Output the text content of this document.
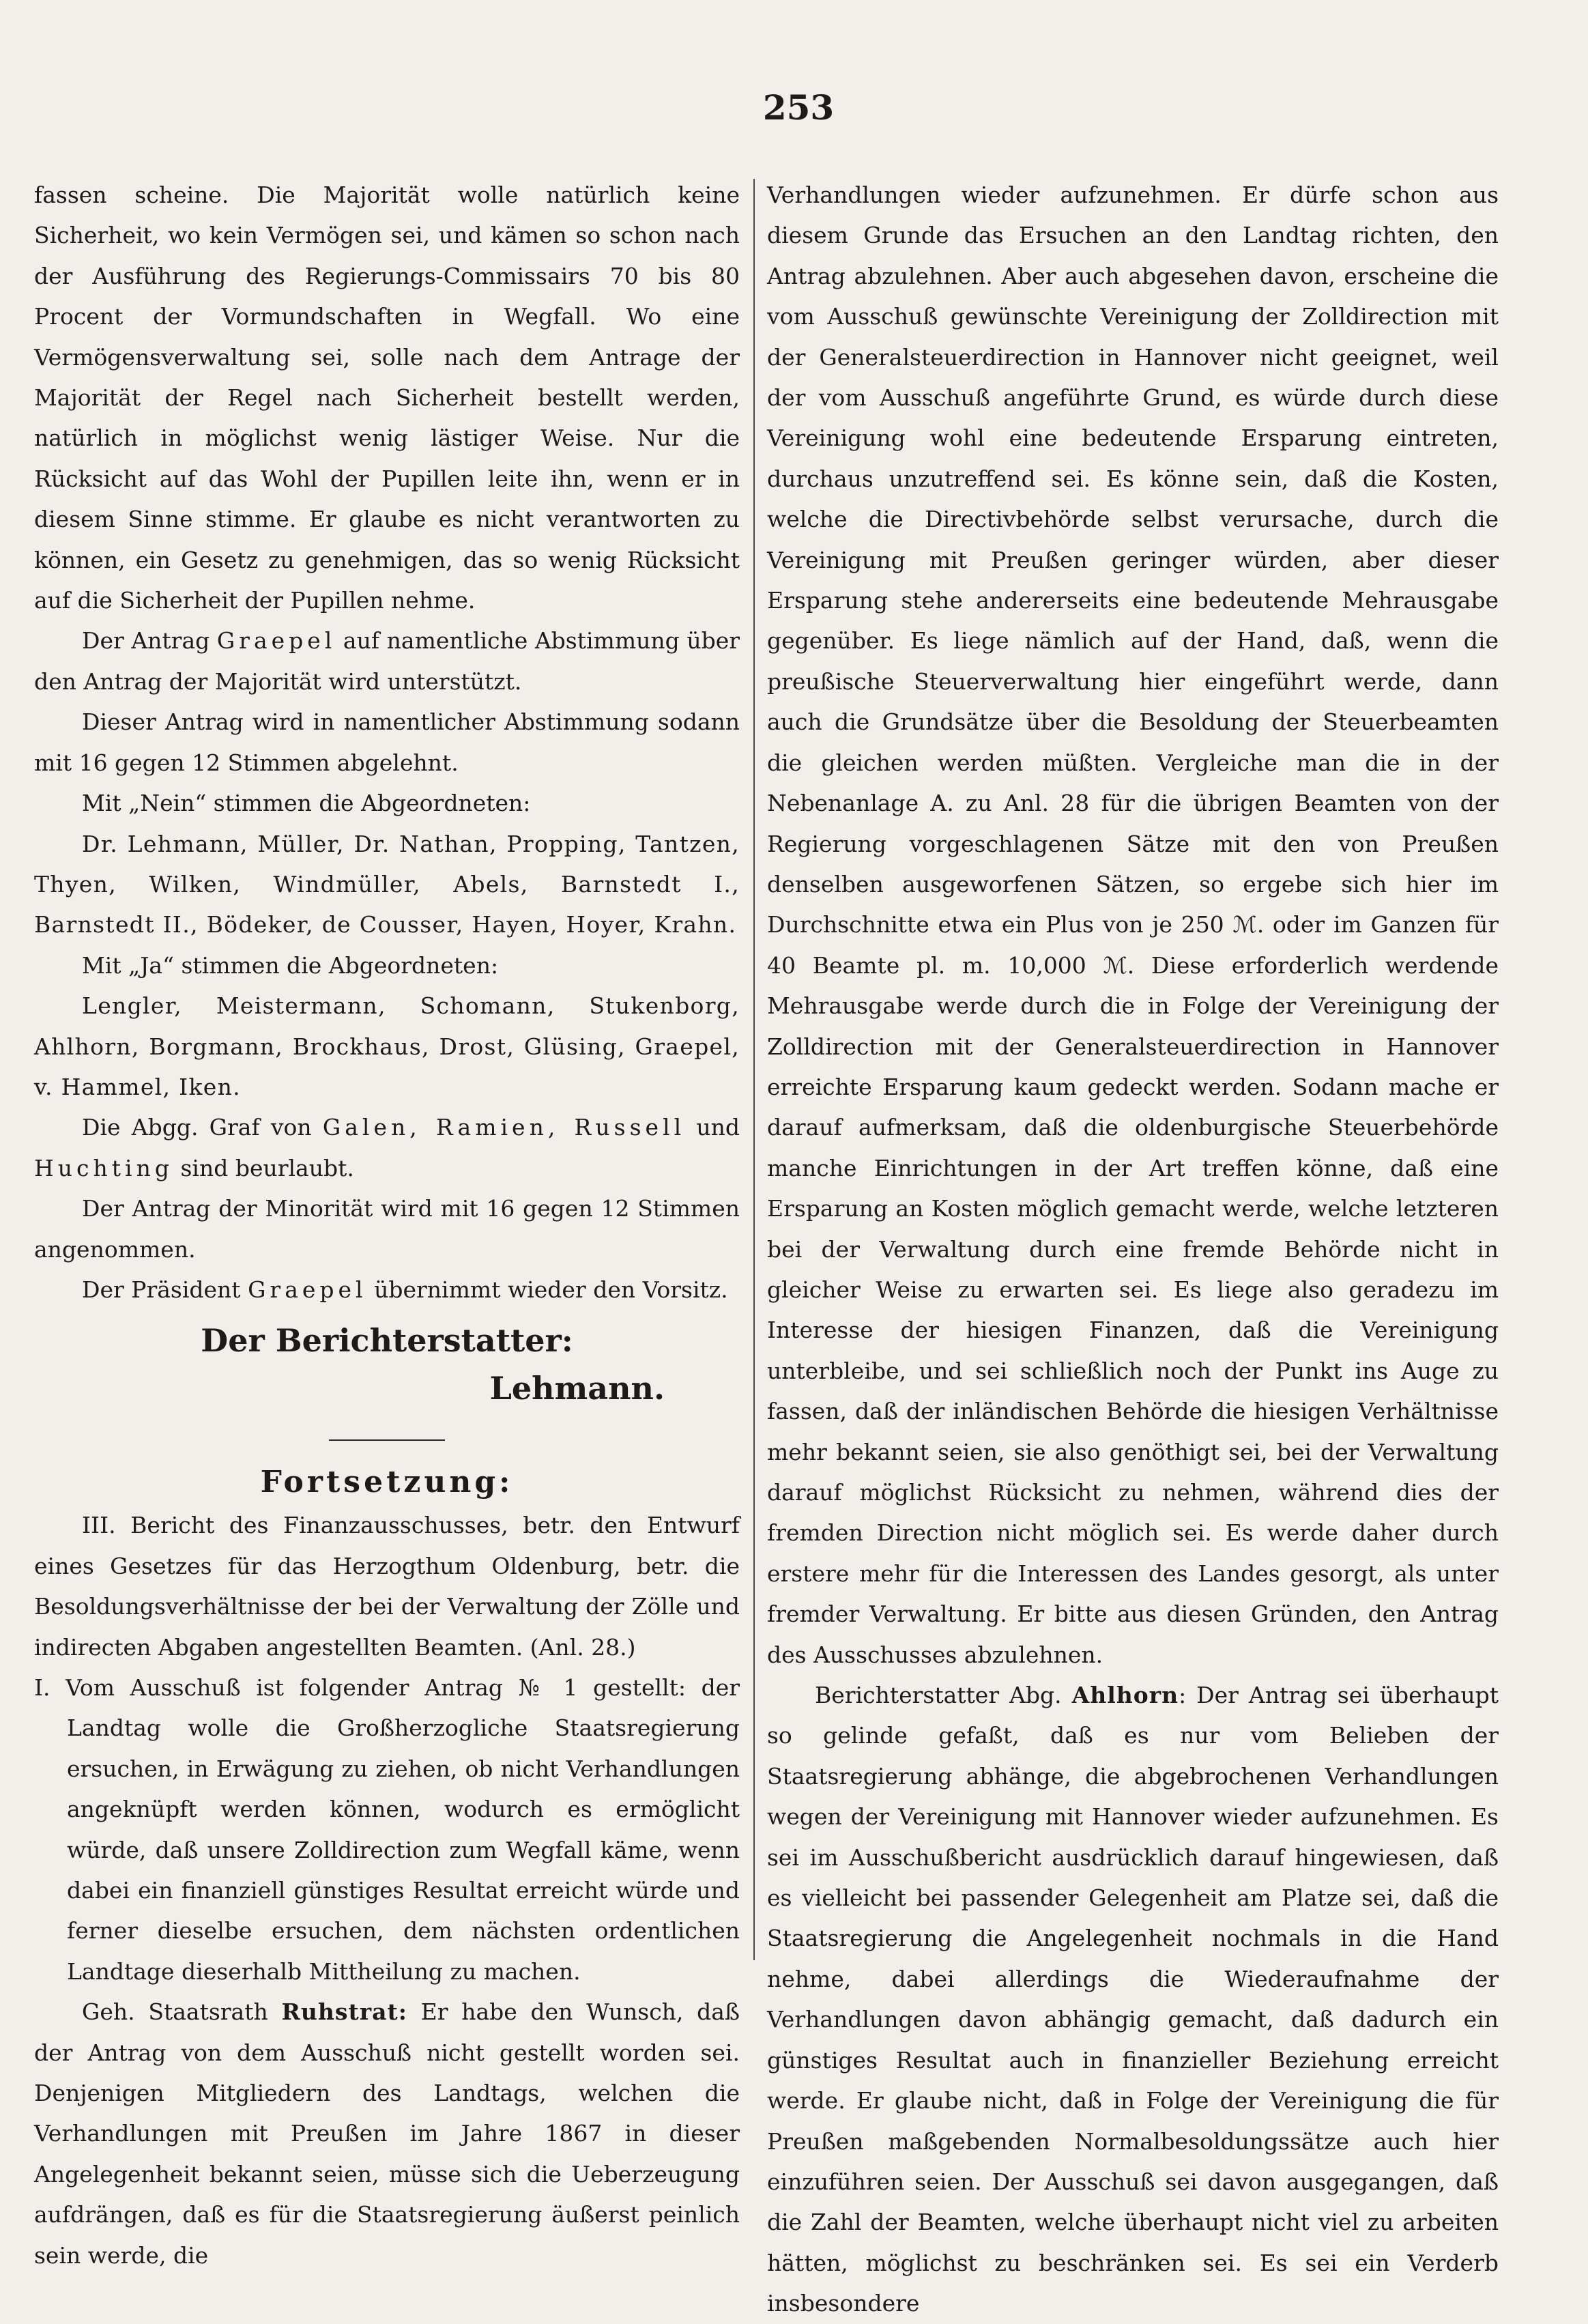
253

fassen scheine. Die Majorität wolle natürlich keine Sicherheit, wo kein Vermögen sei, und kämen so schon nach der Ausführung des Regierungs-Commissairs 70 bis 80 Procent der Vormundschaften in Wegfall. Wo eine Vermögensverwaltung sei, solle nach dem Antrage der Majorität der Regel nach Sicherheit bestellt werden, natürlich in möglichst wenig lästiger Weise. Nur die Rücksicht auf das Wohl der Pupillen leite ihn, wenn er in diesem Sinne stimme. Er glaube es nicht verantworten zu können, ein Gesetz zu genehmigen, das so wenig Rücksicht auf die Sicherheit der Pupillen nehme.

Der Antrag Graepel auf namentliche Abstimmung über den Antrag der Majorität wird unterstützt.

Dieser Antrag wird in namentlicher Abstimmung sodann mit 16 gegen 12 Stimmen abgelehnt.

Mit „Nein“ stimmen die Abgeordneten:

Dr. Lehmann, Müller, Dr. Nathan, Propping, Tantzen, Thyen, Wilken, Windmüller, Abels, Barnstedt I., Barnstedt II., Bödeker, de Cousser, Hayen, Hoyer, Krahn.

Mit „Ja“ stimmen die Abgeordneten:

Lengler, Meistermann, Schomann, Stukenborg, Ahlhorn, Borgmann, Brockhaus, Drost, Glüsing, Graepel, v. Hammel, Iken.

Die Abgg. Graf von Galen, Ramien, Russell und Huchting sind beurlaubt.

Der Antrag der Minorität wird mit 16 gegen 12 Stimmen angenommen.

Der Präsident Graepel übernimmt wieder den Vorsitz.

Der Berichterstatter:

Lehmann.

Fortsetzung:

III. Bericht des Finanzausschusses, betr. den Entwurf eines Gesetzes für das Herzogthum Oldenburg, betr. die Besoldungsverhältnisse der bei der Verwaltung der Zölle und indirecten Abgaben angestellten Beamten. (Anl. 28.)

I. Vom Ausschuß ist folgender Antrag № 1 gestellt: der Landtag wolle die Großherzogliche Staatsregierung ersuchen, in Erwägung zu ziehen, ob nicht Verhandlungen angeknüpft werden können, wodurch es ermöglicht würde, daß unsere Zolldirection zum Wegfall käme, wenn dabei ein finanziell günstiges Resultat erreicht würde und ferner dieselbe ersuchen, dem nächsten ordentlichen Landtage dieserhalb Mittheilung zu machen.

Geh. Staatsrath Ruhstrat: Er habe den Wunsch, daß der Antrag von dem Ausschuß nicht gestellt worden sei. Denjenigen Mitgliedern des Landtags, welchen die Verhandlungen mit Preußen im Jahre 1867 in dieser Angelegenheit bekannt seien, müsse sich die Ueberzeugung aufdrängen, daß es für die Staatsregierung äußerst peinlich sein werde, die

Verhandlungen wieder aufzunehmen. Er dürfe schon aus diesem Grunde das Ersuchen an den Landtag richten, den Antrag abzulehnen. Aber auch abgesehen davon, erscheine die vom Ausschuß gewünschte Vereinigung der Zolldirection mit der Generalsteuerdirection in Hannover nicht geeignet, weil der vom Ausschuß angeführte Grund, es würde durch diese Vereinigung wohl eine bedeutende Ersparung eintreten, durchaus unzutreffend sei. Es könne sein, daß die Kosten, welche die Directivbehörde selbst verursache, durch die Vereinigung mit Preußen geringer würden, aber dieser Ersparung stehe andererseits eine bedeutende Mehrausgabe gegenüber. Es liege nämlich auf der Hand, daß, wenn die preußische Steuerverwaltung hier eingeführt werde, dann auch die Grundsätze über die Besoldung der Steuerbeamten die gleichen werden müßten. Vergleiche man die in der Nebenanlage A. zu Anl. 28 für die übrigen Beamten von der Regierung vorgeschlagenen Sätze mit den von Preußen denselben ausgeworfenen Sätzen, so ergebe sich hier im Durchschnitte etwa ein Plus von je 250 ℳ. oder im Ganzen für 40 Beamte pl. m. 10,000 ℳ. Diese erforderlich werdende Mehrausgabe werde durch die in Folge der Vereinigung der Zolldirection mit der Generalsteuerdirection in Hannover erreichte Ersparung kaum gedeckt werden. Sodann mache er darauf aufmerksam, daß die oldenburgische Steuerbehörde manche Einrichtungen in der Art treffen könne, daß eine Ersparung an Kosten möglich gemacht werde, welche letzteren bei der Verwaltung durch eine fremde Behörde nicht in gleicher Weise zu erwarten sei. Es liege also geradezu im Interesse der hiesigen Finanzen, daß die Vereinigung unterbleibe, und sei schließlich noch der Punkt ins Auge zu fassen, daß der inländischen Behörde die hiesigen Verhältnisse mehr bekannt seien, sie also genöthigt sei, bei der Verwaltung darauf möglichst Rücksicht zu nehmen, während dies der fremden Direction nicht möglich sei. Es werde daher durch erstere mehr für die Interessen des Landes gesorgt, als unter fremder Verwaltung. Er bitte aus diesen Gründen, den Antrag des Ausschusses abzulehnen.

Berichterstatter Abg. Ahlhorn: Der Antrag sei überhaupt so gelinde gefaßt, daß es nur vom Belieben der Staatsregierung abhänge, die abgebrochenen Verhandlungen wegen der Vereinigung mit Hannover wieder aufzunehmen. Es sei im Ausschußbericht ausdrücklich darauf hingewiesen, daß es vielleicht bei passender Gelegenheit am Platze sei, daß die Staatsregierung die Angelegenheit nochmals in die Hand nehme, dabei allerdings die Wiederaufnahme der Verhandlungen davon abhängig gemacht, daß dadurch ein günstiges Resultat auch in finanzieller Beziehung erreicht werde. Er glaube nicht, daß in Folge der Vereinigung die für Preußen maßgebenden Normalbesoldungssätze auch hier einzuführen seien. Der Ausschuß sei davon ausgegangen, daß die Zahl der Beamten, welche überhaupt nicht viel zu arbeiten hätten, möglichst zu beschränken sei. Es sei ein Verderb insbesondere
